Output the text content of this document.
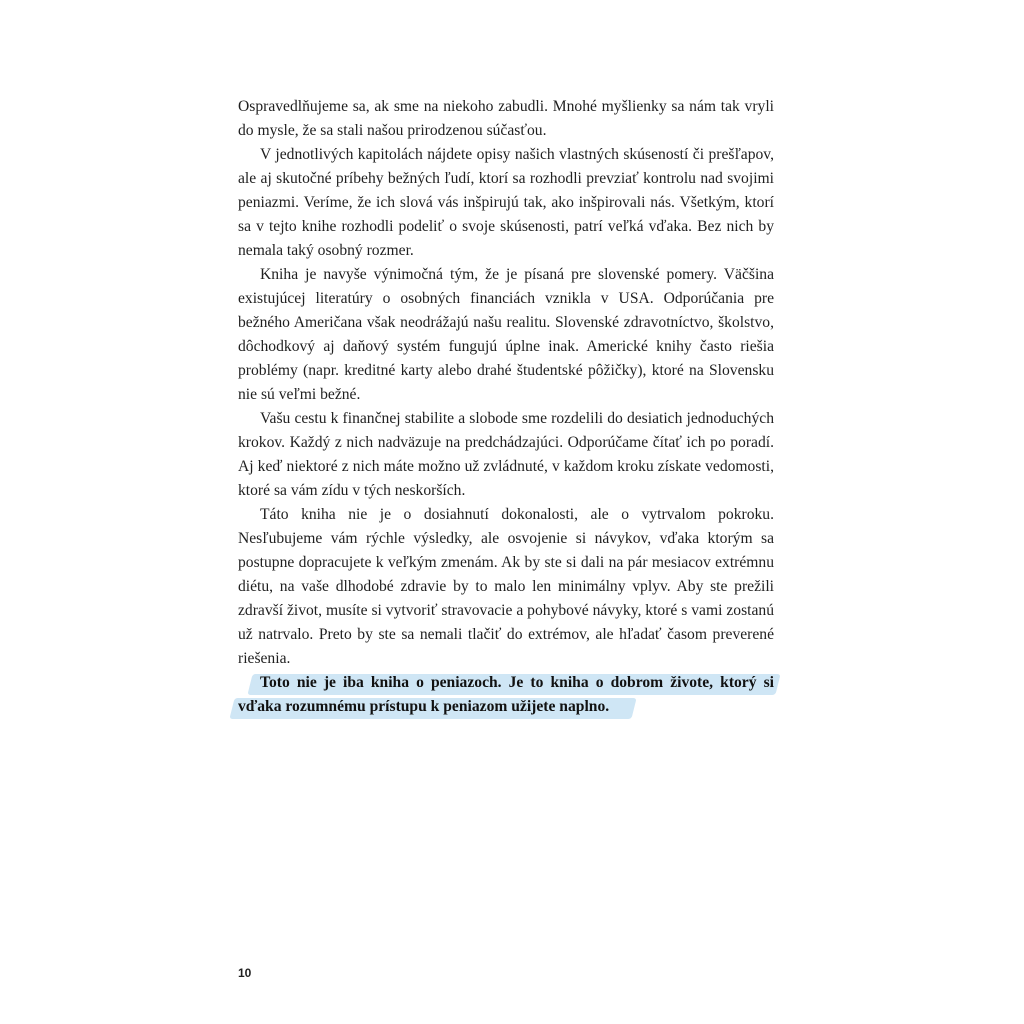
Ospravedlňujeme sa, ak sme na niekoho zabudli. Mnohé myšlienky sa nám tak vryli do mysle, že sa stali našou prirodzenou súčasťou.

V jednotlivých kapitolách nájdete opisy našich vlastných skúseností či prešľapov, ale aj skutočné príbehy bežných ľudí, ktorí sa rozhodli prevziať kontrolu nad svojimi peniazmi. Veríme, že ich slová vás inšpirujú tak, ako inšpirovali nás. Všetkým, ktorí sa v tejto knihe rozhodli podeliť o svoje skúsenosti, patrí veľká vďaka. Bez nich by nemala taký osobný rozmer.

Kniha je navyše výnimočná tým, že je písaná pre slovenské pomery. Väčšina existujúcej literatúry o osobných financiách vznikla v USA. Odporúčania pre bežného Američana však neodrážajú našu realitu. Slovenské zdravotníctvo, školstvo, dôchodkový aj daňový systém fungujú úplne inak. Americké knihy často riešia problémy (napr. kreditné karty alebo drahé študentské pôžičky), ktoré na Slovensku nie sú veľmi bežné.

Vašu cestu k finančnej stabilite a slobode sme rozdelili do desiatich jednoduchých krokov. Každý z nich nadväzuje na predchádzajúci. Odporúčame čítať ich po poradí. Aj keď niektoré z nich máte možno už zvládnuté, v každom kroku získate vedomosti, ktoré sa vám zídu v tých neskorších.

Táto kniha nie je o dosiahnutí dokonalosti, ale o vytrvalom pokroku. Nesľubujeme vám rýchle výsledky, ale osvojenie si návykov, vďaka ktorým sa postupne dopracujete k veľkým zmenám. Ak by ste si dali na pár mesiacov extrémnu diétu, na vaše dlhodobé zdravie by to malo len minimálny vplyv. Aby ste prežili zdravší život, musíte si vytvoriť stravovacie a pohybové návyky, ktoré s vami zostanú už natrvalo. Preto by ste sa nemali tlačiť do extrémov, ale hľadať časom preverené riešenia.

Toto nie je iba kniha o peniazoch. Je to kniha o dobrom živote, ktorý si vďaka rozumnému prístupu k peniazom užijete naplno.

10
